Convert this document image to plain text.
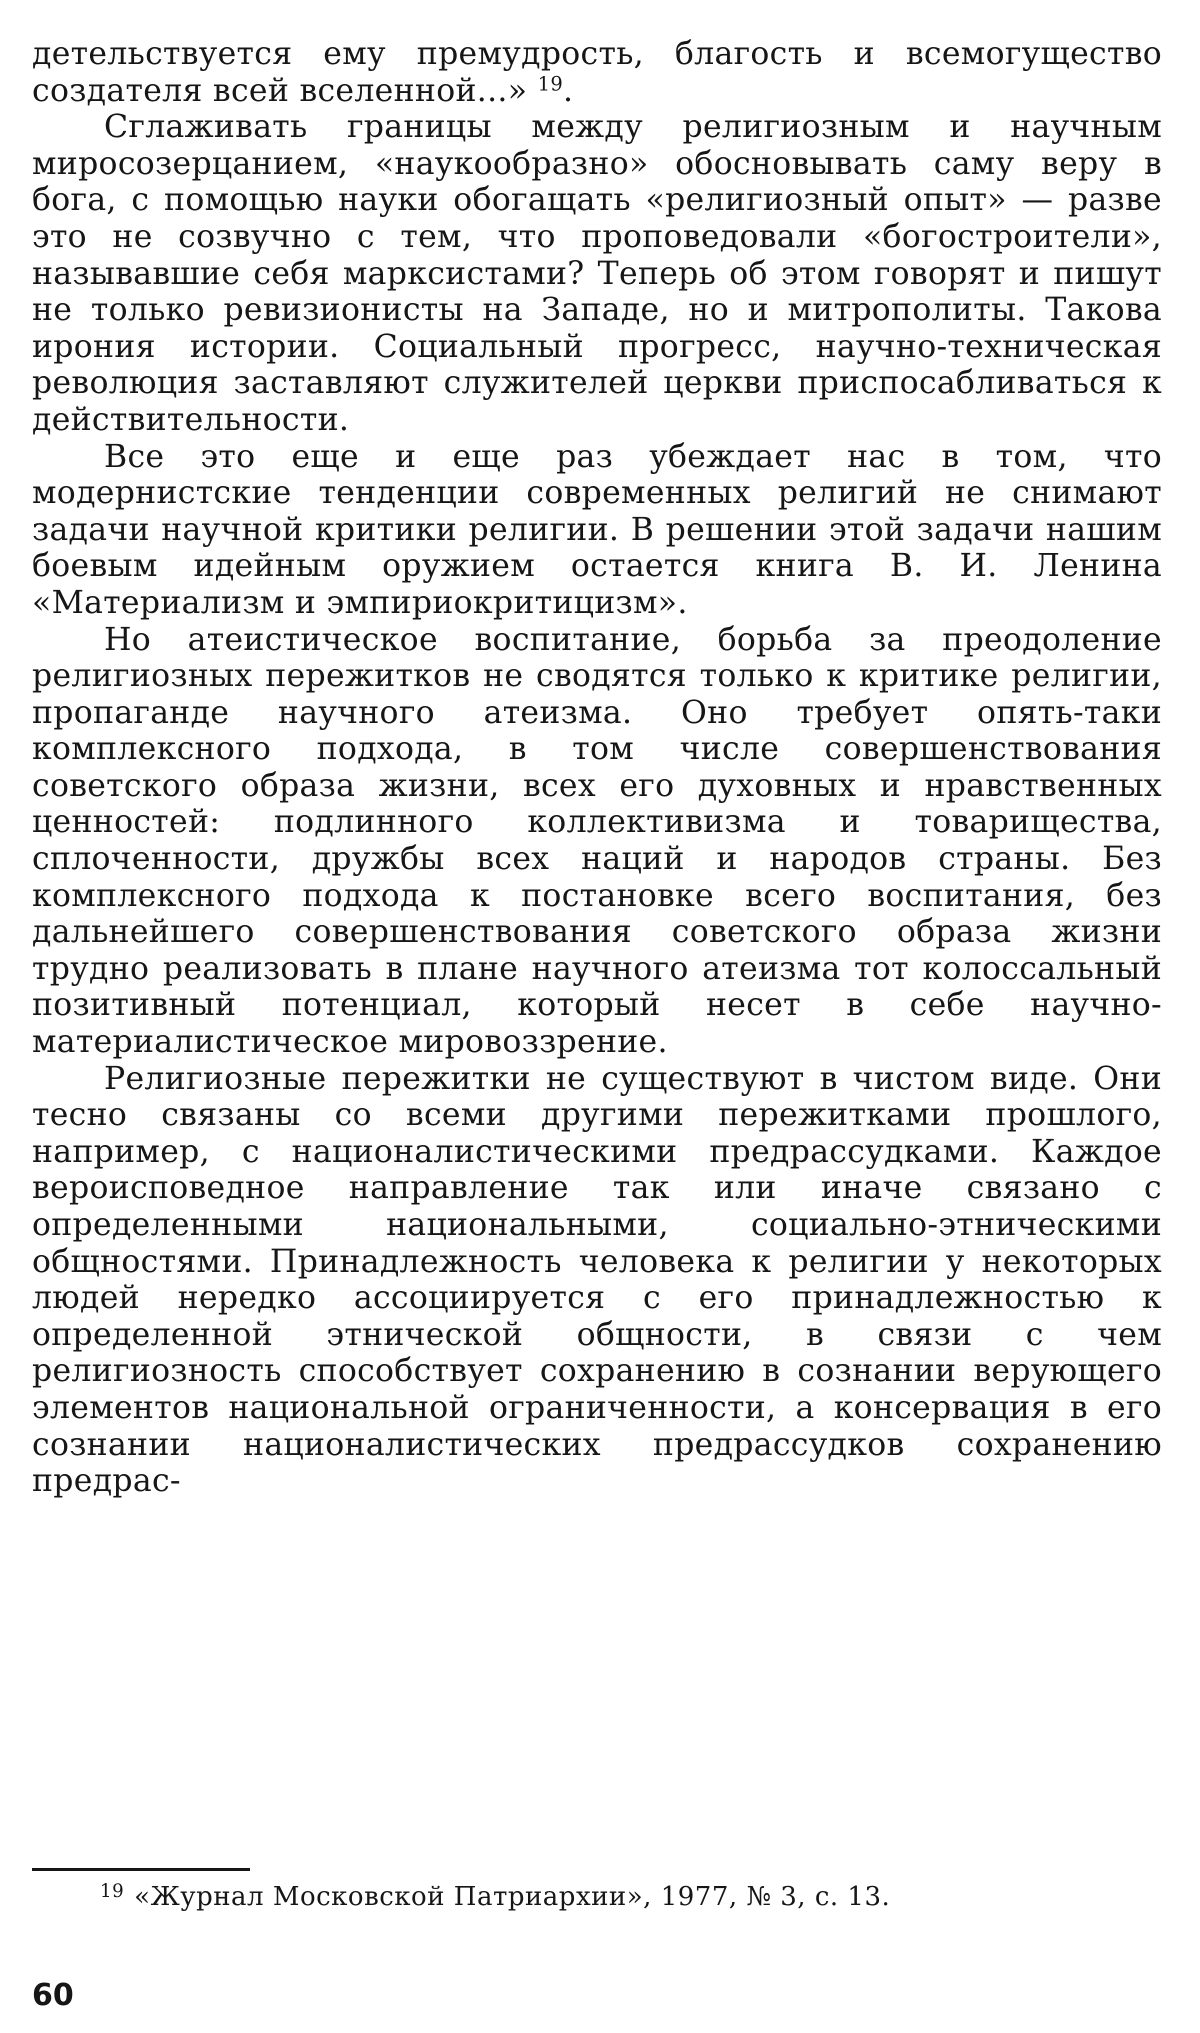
детельствуется ему премудрость, благость и всемогущество создателя всей вселенной...» $^{19}$.

Сглаживать границы между религиозным и научным миросозерцанием, «наукообразно» обосновывать саму веру в бога, с помощью науки обогащать «религиозный опыт» — разве это не созвучно с тем, что проповедовали «богостроители», называвшие себя марксистами? Теперь об этом говорят и пишут не только ревизионисты на Западе, но и митрополиты. Такова ирония истории. Социальный прогресс, научно-техническая революция заставляют служителей церкви приспосабливаться к действительности.

Все это еще и еще раз убеждает нас в том, что модернистские тенденции современных религий не снимают задачи научной критики религии. В решении этой задачи нашим боевым идейным оружием остается книга В. И. Ленина «Материализм и эмпириокритицизм».

Но атеистическое воспитание, борьба за преодоление религиозных пережитков не сводятся только к критике религии, пропаганде научного атеизма. Оно требует опять-таки комплексного подхода, в том числе совершенствования советского образа жизни, всех его духовных и нравственных ценностей: подлинного коллективизма и товарищества, сплоченности, дружбы всех наций и народов страны. Без комплексного подхода к постановке всего воспитания, без дальнейшего совершенствования советского образа жизни трудно реализовать в плане научного атеизма тот колоссальный позитивный потенциал, который несет в себе научно-материалистическое мировоззрение.

Религиозные пережитки не существуют в чистом виде. Они тесно связаны со всеми другими пережитками прошлого, например, с националистическими предрассудками. Каждое вероисповедное направление так или иначе связано с определенными национальными, социально-этническими общностями. Принадлежность человека к религии у некоторых людей нередко ассоциируется с его принадлежностью к определенной этнической общности, в связи с чем религиозность способствует сохранению в сознании верующего элементов национальной ограниченности, а консервация в его сознании националистических предрассудков сохранению предрас-

$^{19}$ «Журнал Московской Патриархии», 1977, № 3, с. 13.
60
